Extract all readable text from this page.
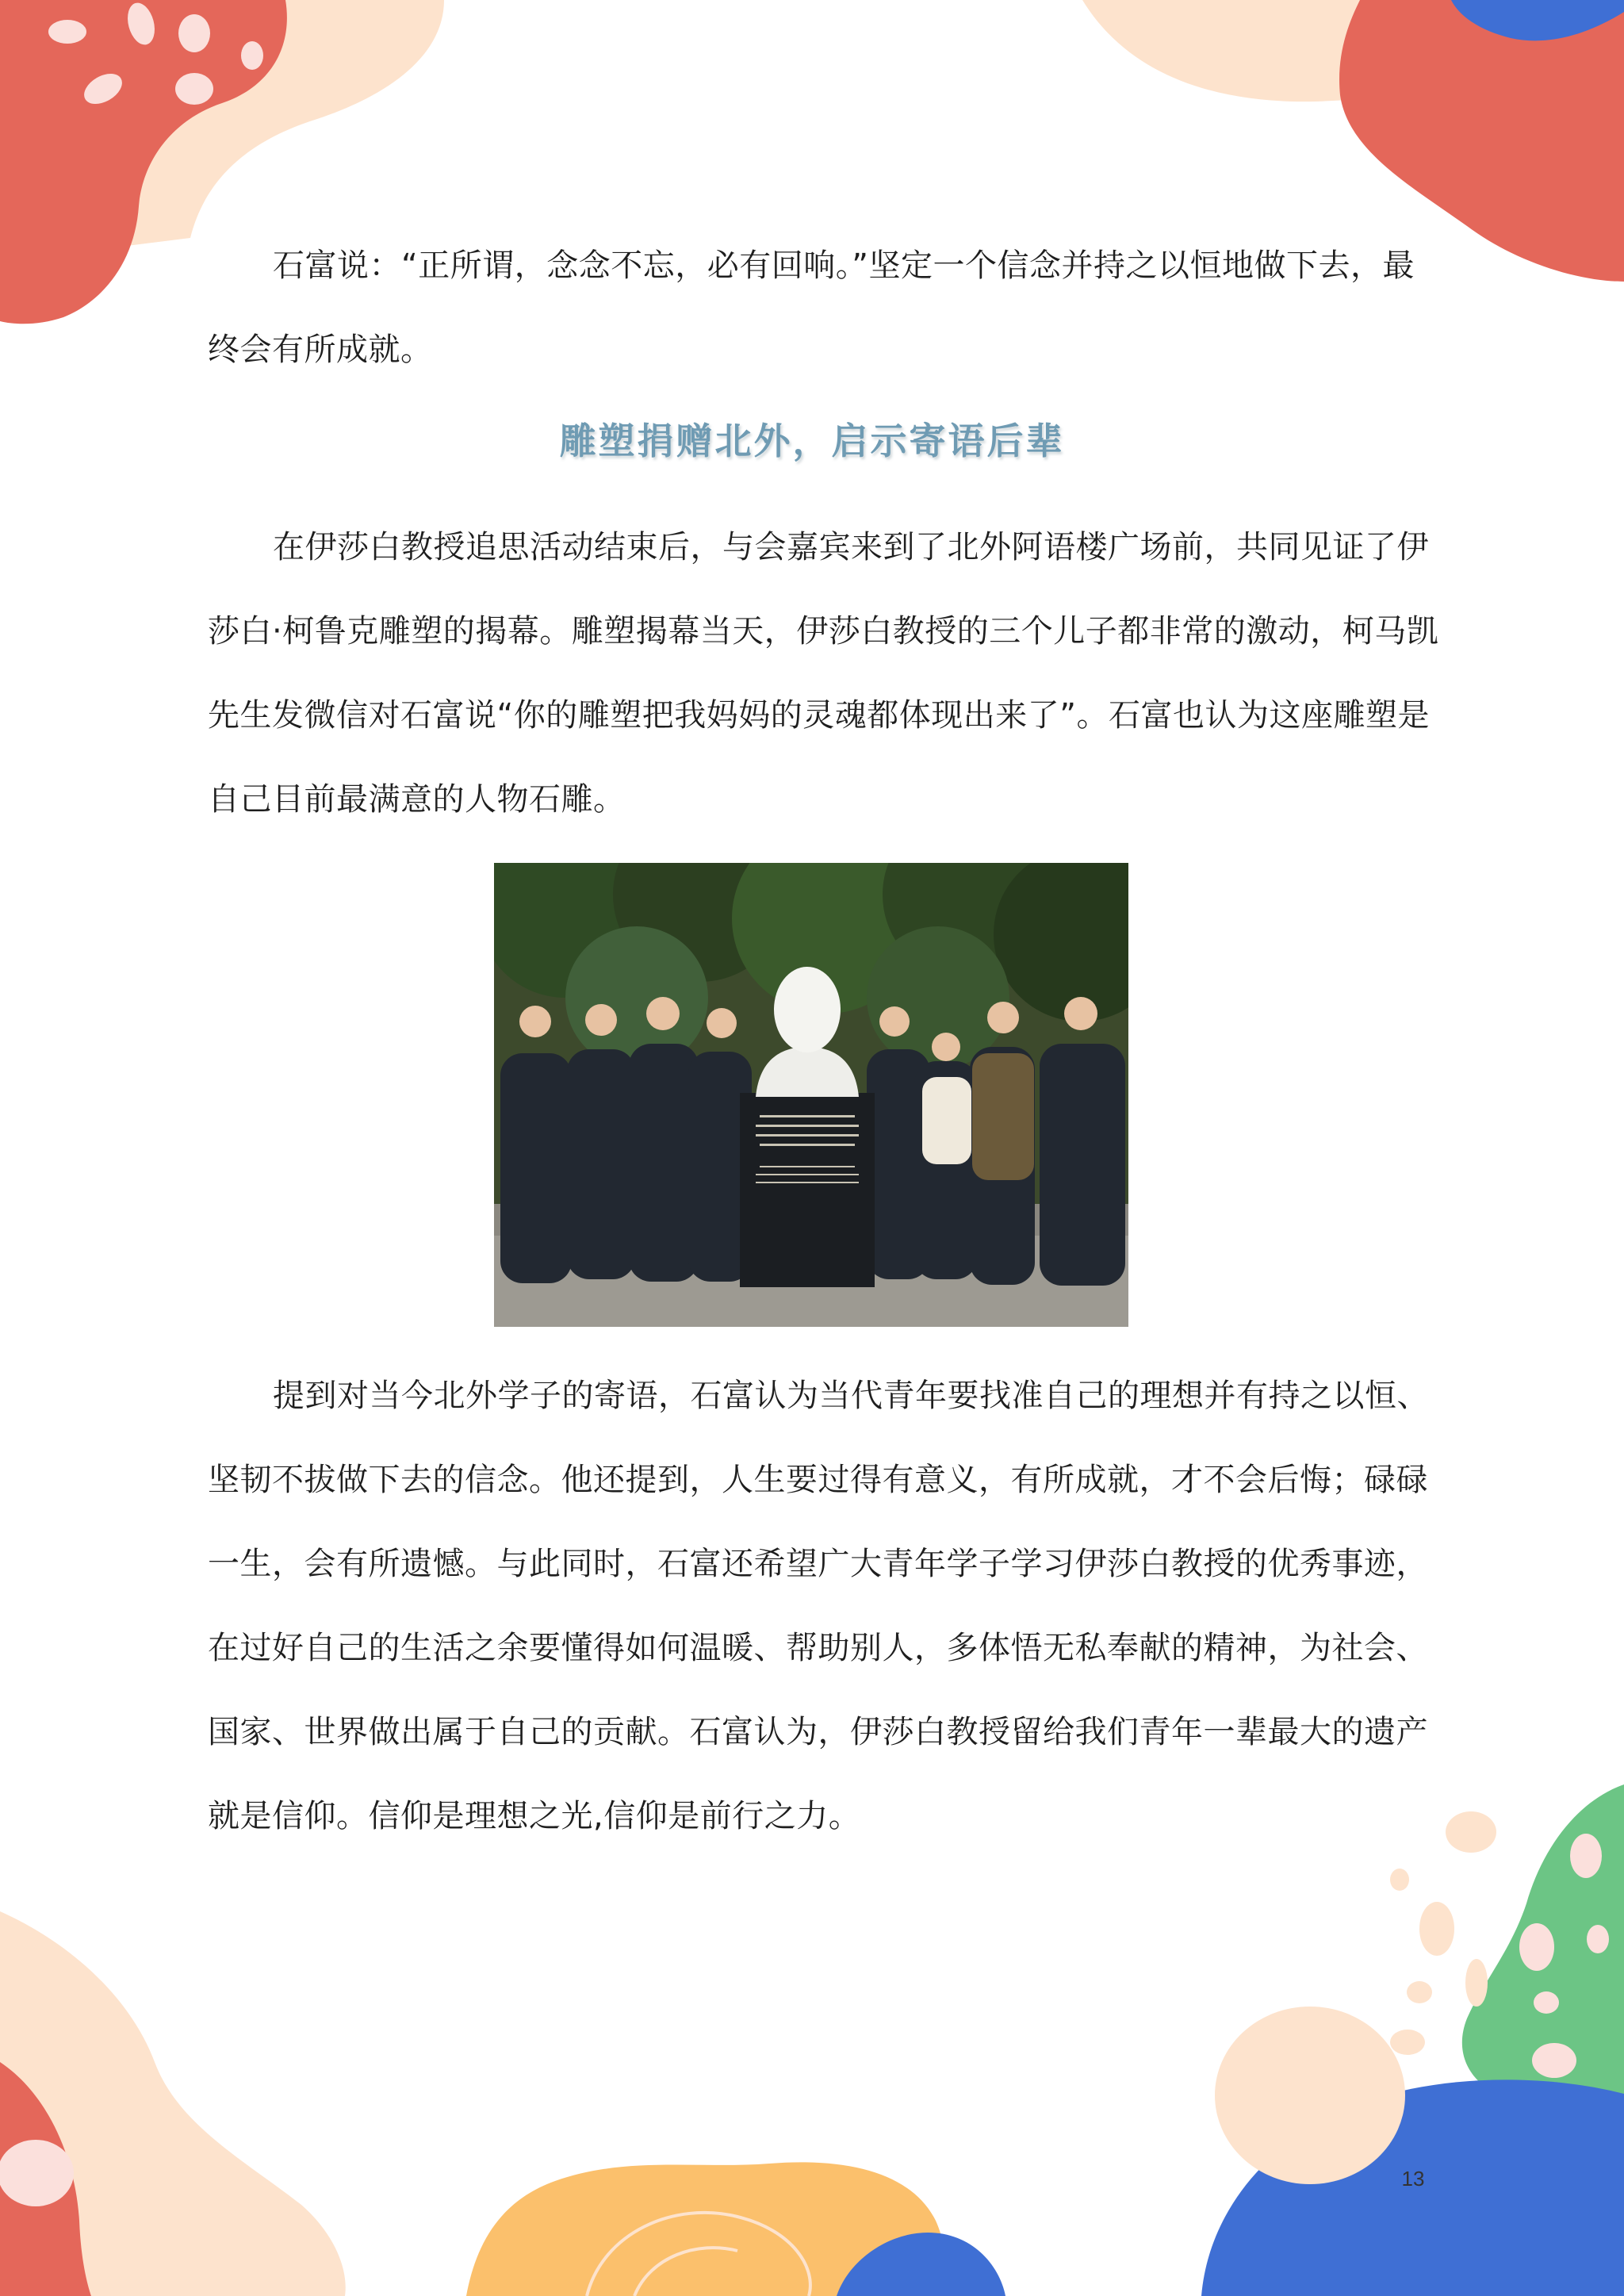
石富说：“正所谓，念念不忘，必有回响。”坚定一个信念并持之以恒地做下去，最终会有所成就。

雕塑捐赠北外，启示寄语后辈

在伊莎白教授追思活动结束后，与会嘉宾来到了北外阿语楼广场前，共同见证了伊莎白·柯鲁克雕塑的揭幕。雕塑揭幕当天，伊莎白教授的三个儿子都非常的激动，柯马凯先生发微信对石富说“你的雕塑把我妈妈的灵魂都体现出来了”。石富也认为这座雕塑是自己目前最满意的人物石雕。

提到对当今北外学子的寄语，石富认为当代青年要找准自己的理想并有持之以恒、坚韧不拔做下去的信念。他还提到，人生要过得有意义，有所成就，才不会后悔；碌碌一生，会有所遗憾。与此同时，石富还希望广大青年学子学习伊莎白教授的优秀事迹，在过好自己的生活之余要懂得如何温暖、帮助别人，多体悟无私奉献的精神，为社会、国家、世界做出属于自己的贡献。石富认为，伊莎白教授留给我们青年一辈最大的遗产就是信仰。信仰是理想之光,信仰是前行之力。

13
